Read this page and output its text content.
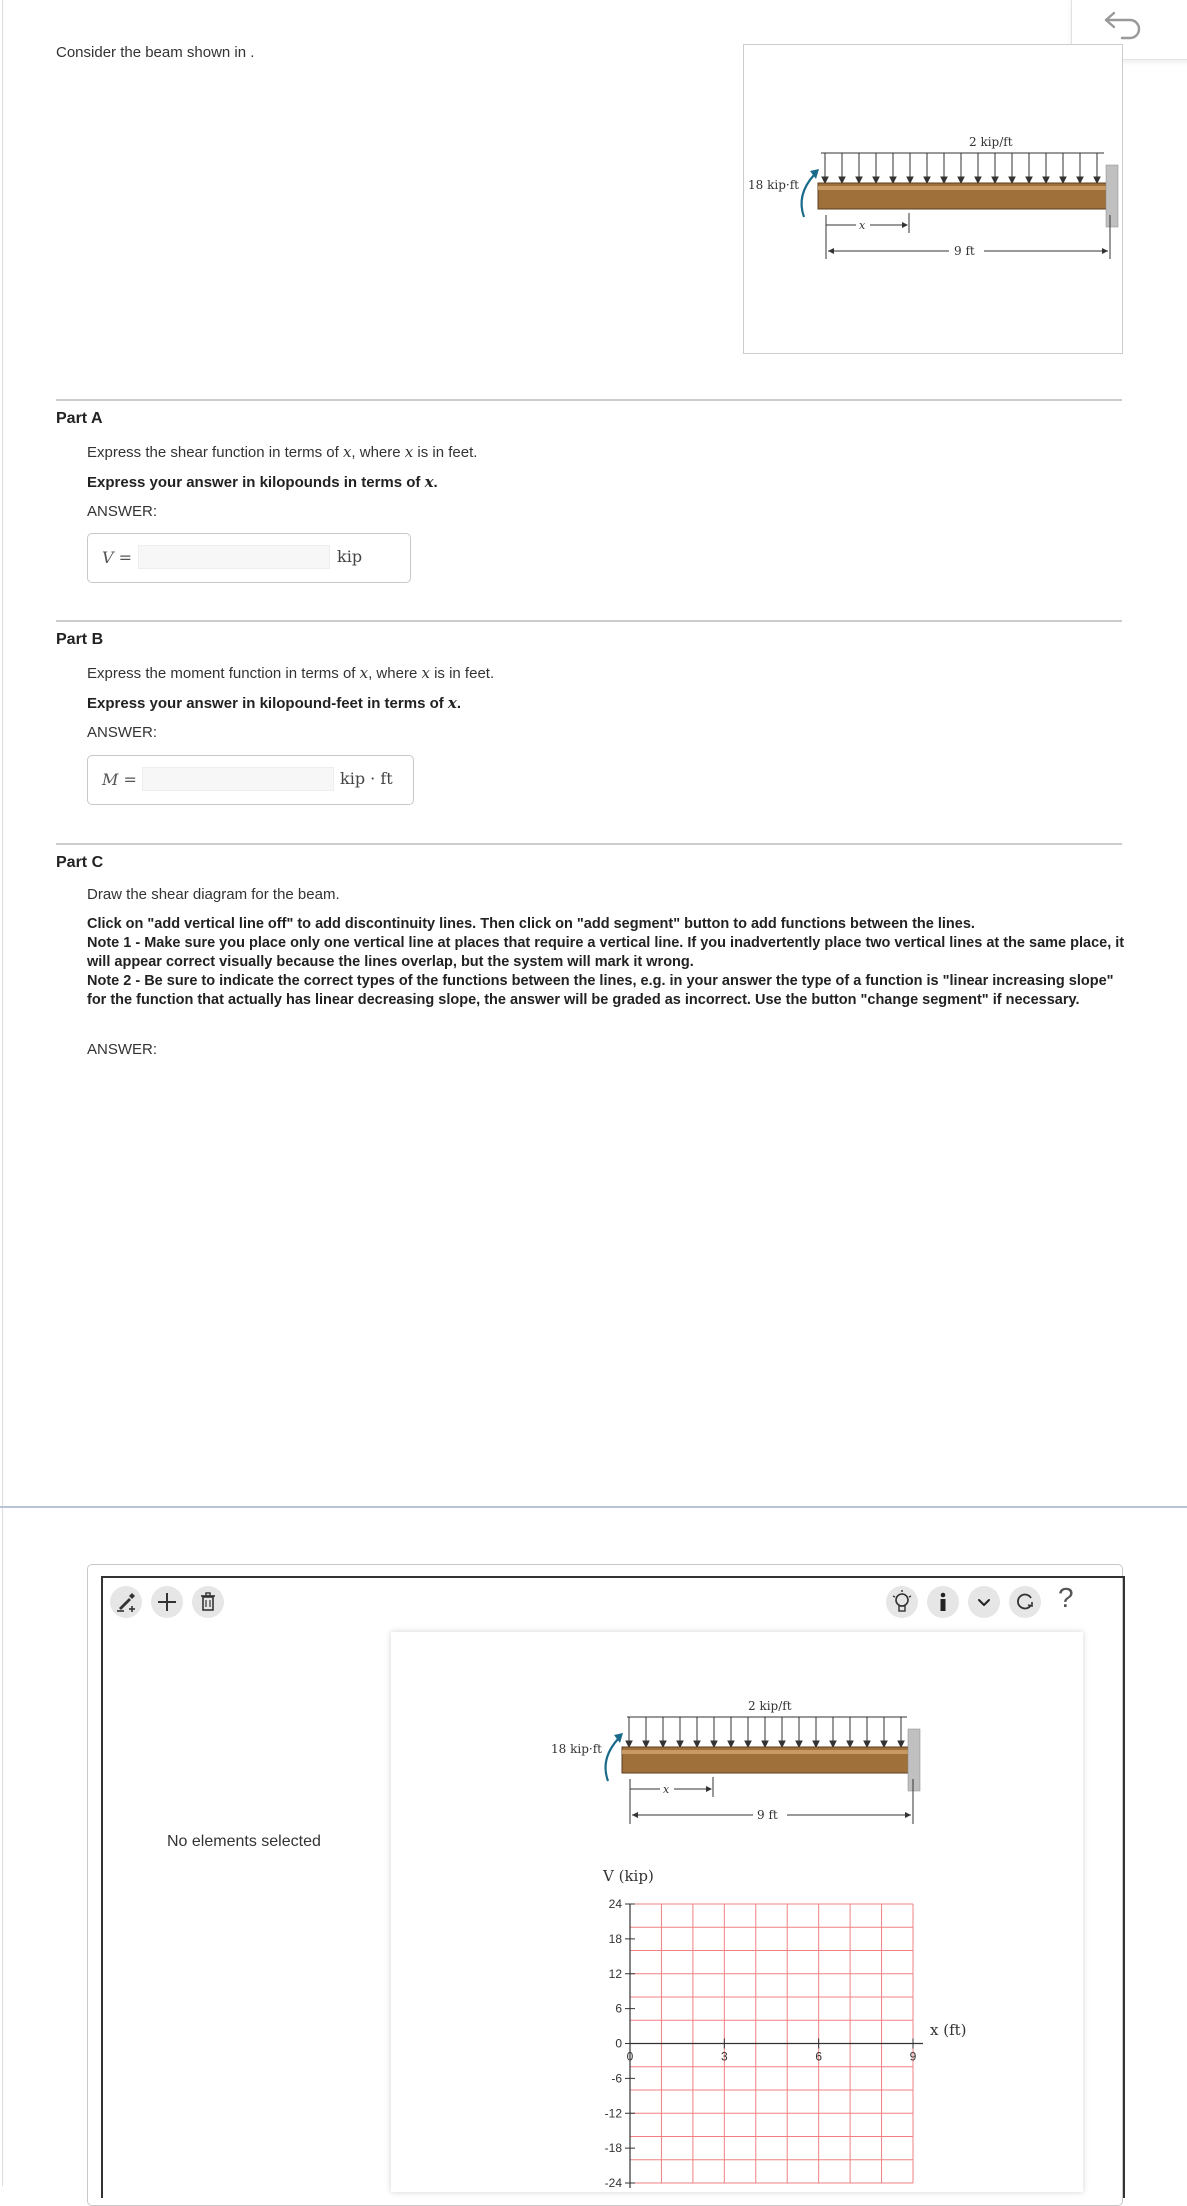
Consider the beam shown in .
2 kip/ft
18 kip·ft
x
9 ft
Part A
Express the shear function in terms of x, where x is in feet.
Express your answer in kilopounds in terms of x.
ANSWER:
V =	kip
Part B
Express the moment function in terms of x, where x is in feet.
Express your answer in kilopound-feet in terms of x.
ANSWER:
M =	kip · ft
Part C
Draw the shear diagram for the beam.
Click on "add vertical line off" to add discontinuity lines. Then click on "add segment" button to add functions between the lines.
Note 1 - Make sure you place only one vertical line at places that require a vertical line. If you inadvertently place two vertical lines at the same place, it will appear correct visually because the lines overlap, but the system will mark it wrong.
Note 2 - Be sure to indicate the correct types of the functions between the lines, e.g. in your answer the type of a function is "linear increasing slope" for the function that actually has linear decreasing slope, the answer will be graded as incorrect. Use the button "change segment" if necessary.
ANSWER:
?
No elements selected
2 kip/ft
18 kip·ft
x
9 ft
V (kip)
x (ft)
24
18
12
6
0
-6
-12
-18
-24
0	3	6	9
